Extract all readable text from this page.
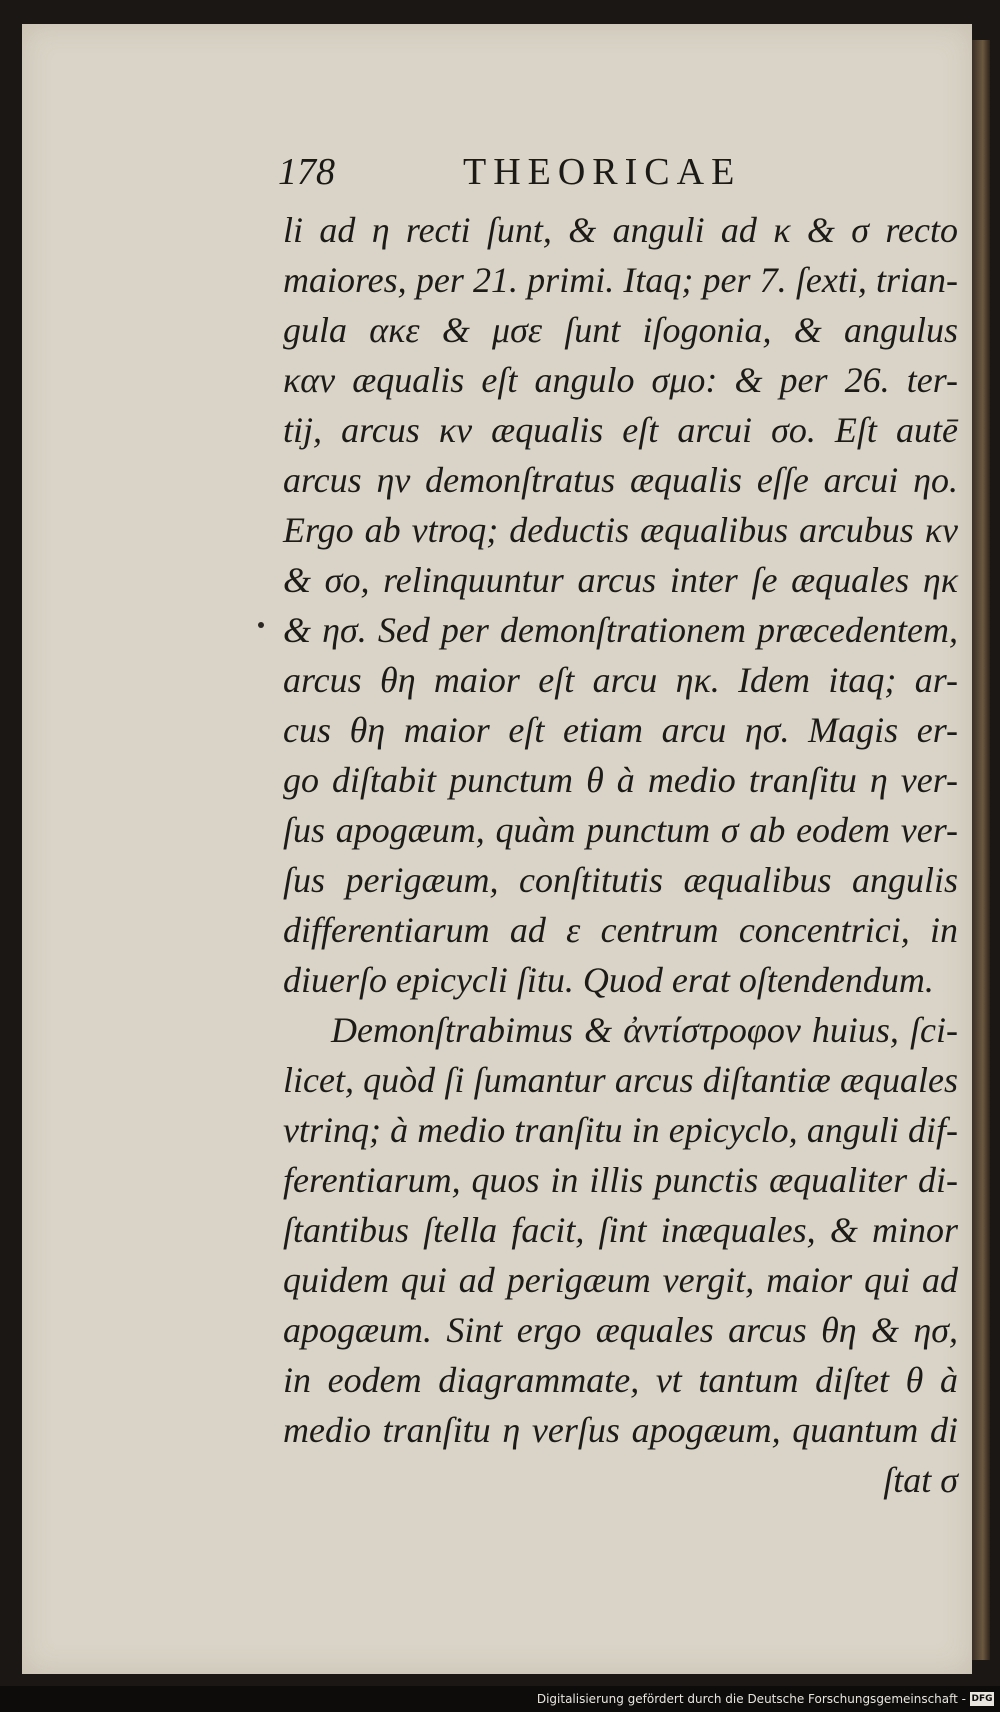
178	THEORICAE
li ad η recti ſunt, & anguli ad κ & σ recto
maiores, per 21. primi. Itaq; per 7. ſexti, trian-
gula ακε & μσε ſunt iſogonia, & angulus
καν æqualis eſt angulo σμο: & per 26. ter-
tij, arcus κν æqualis eſt arcui σο. Eſt autē
arcus ην demonſtratus æqualis eſſe arcui ηο.
Ergo ab vtroq; deductis æqualibus arcubus κν
& σο, relinquuntur arcus inter ſe æquales ηκ
& ησ. Sed per demonſtrationem præcedentem,
arcus θη maior eſt arcu ηκ. Idem itaq; ar-
cus θη maior eſt etiam arcu ησ. Magis er-
go diſtabit punctum θ à medio tranſitu η ver-
ſus apogæum, quàm punctum σ ab eodem ver-
ſus perigæum, conſtitutis æqualibus angulis
differentiarum ad ε centrum concentrici, in
diuerſo epicycli ſitu. Quod erat oſtendendum.
Demonſtrabimus & ἀντίστροφον huius, ſci-
licet, quòd ſi ſumantur arcus diſtantiæ æquales
vtrinq; à medio tranſitu in epicyclo, anguli dif-
ferentiarum, quos in illis punctis æqualiter di-
ſtantibus ſtella facit, ſint inæquales, & minor
quidem qui ad perigæum vergit, maior qui ad
apogæum. Sint ergo æquales arcus θη & ησ,
in eodem diagrammate, vt tantum diſtet θ à
medio tranſitu η verſus apogæum, quantum di
ſtat σ
Digitalisierung gefördert durch die Deutsche Forschungsgemeinschaft - DFG
